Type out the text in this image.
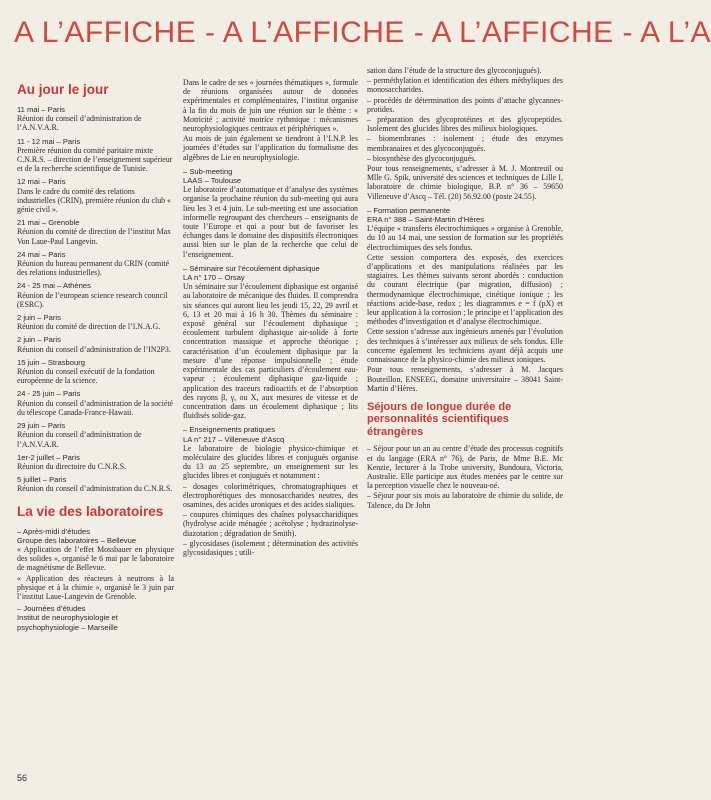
A L’AFFICHE - A L’AFFICHE - A L’AFFICHE - A L’A
Au jour le jour
11 mai – Paris
Réunion du conseil d’administration de l’A.N.V.A.R.
11 - 12 mai – Paris
Première réunion du comité paritaire mixte C.N.R.S. – direction de l’enseignement supérieur et de la recherche scientifique de Tunisie.
12 mai – Paris
Dans le cadre du comité des relations industrielles (CRIN), première réunion du club « génie civil ».
21 mai – Grenoble
Réunion du comité de direction de l’institut Max Von Laue-Paul Langevin.
24 mai – Paris
Réunion du bureau permanent du CRIN (comité des relations industrielles).
24 - 25 mai – Athènes
Réunion de l’european science research council (ESRC).
2 juin – Paris
Réunion du comité de direction de l’I.N.A.G.
2 juin – Paris
Réunion du conseil d’administration de l’IN2P3.
15 juin – Strasbourg
Réunion du conseil exécutif de la fondation européenne de la science.
24 - 25 juin – Paris
Réunion du conseil d’administration de la société du télescope Canada-France-Hawaii.
29 juin – Paris
Réunion du conseil d’administration de l’A.N.V.A.R.
1er-2 juillet – Paris
Réunion du directoire du C.N.R.S.
5 juillet – Paris
Réunion du conseil d’administration du C.N.R.S.
La vie des laboratoires
– Après-midi d’études
Groupe des laboratoires – Bellevue

« Application de l’effet Mossbauer en physique des solides », organisé le 6 mai par le laboratoire de magnétisme de Bellevue.

« Application des réacteurs à neutrons à la physique et à la chimie », organisé le 3 juin par l’institut Laue-Langevin de Grenoble.

– Journées d’études
Institut de neurophysiologie et psychophysiologie – Marseille

Dans le cadre de ses « journées thématiques », formule de réunions organisées autour de données expérimentales et complémentaires, l’institut organise à la fin du mois de juin une réunion sur le thème : « Motricité ; activité motrice rythmique : mécanismes neurophysiologiques centraux et périphériques ».

Au mois de juin également se tiendront à l’I.N.P. les journées d’études sur l’application du formalisme des algèbres de Lie en neurophysiologie.

– Sub-meeting
LAAS – Toulouse

Le laboratoire d’automatique et d’analyse des systèmes organise la prochaine réunion du sub-meeting qui aura lieu les 3 et 4 juin. Le sub-meeting est une association informelle regroupant des chercheurs – enseignants de toute l’Europe et qui a pour but de favoriser les échanges dans le domaine des dispositifs électroniques aussi bien sur le plan de la recherche que celui de l’enseignement.

– Séminaire sur l’écoulement diphasique
LA n° 170 – Orsay

Un séminaire sur l’écoulement diphasique est organisé au laboratoire de mécanique des fluides. Il comprendra six séances qui auront lieu les jeudi 15, 22, 29 avril et 6, 13 et 20 mai à 16 h 30. Thèmes du séminaire : exposé général sur l’écoulement diphasique ; écoulement turbulent diphasique air-solide à forte concentration massique et approche théorique ; caractérisation d’un écoulement diphasique par la mesure d’une réponse impulsionnelle ; étude expérimentale des cas particuliers d’écoulement eau-vapeur ; écoulement diphasique gaz-liquide ; application des traceurs radioactifs et de l’absorption des rayons β, γ, ou X, aux mesures de vitesse et de concentration dans un écoulement diphasique ; lits fluidisés solide-gaz.

– Enseignements pratiques
LA n° 217 – Villeneuve d’Ascq

Le laboratoire de biologie physico-chimique et moléculaire des glucides libres et conjugués organise du 13 au 25 septembre, un enseignement sur les glucides libres et conjugués et notamment :

– dosages colorimétriques, chromatographiques et électrophorétiques des monosaccharides neutres, des osamines, des acides uroniques et des acides sialiques.

– coupures chimiques des chaînes polysaccharidiques (hydrolyse acide ménagée ; acétolyse ; hydrazinolyse-diazotation ; dégradation de Smith).

– glycosidases (isolement ; détermination des activités glycosidasiques ; utili-

sation dans l’étude de la structure des glycoconjugués).

– perméthylation et identification des éthers méthyliques des monosaccharides.

– procédés de détermination des points d’attache glycannes-protides.

– préparation des glycoprotéines et des glycopeptides. Isolement des glucides libres des milieux biologiques.

– biomembranes : isolement ; étude des enzymes membranaires et des glycoconjugués.

– biosynthèse des glycoconjugués.

Pour tous renseignements, s’adresser à M. J. Montreuil ou Mlle G. Spik, université des sciences et techniques de Lille I, laboratoire de chimie biologique, B.P. n° 36 – 59650 Villeneuve d’Ascq – Tél. (20) 56.92.00 (poste 24.55).

– Formation permanente
ERA n° 388 – Saint-Martin d’Hères

L’équipe « transferts électrochimiques » organise à Grenoble, du 10 au 14 mai, une session de formation sur les propriétés électrochimiques des sels fondus.

Cette session comportera des exposés, des exercices d’applications et des manipulations réalisées par les stagiaires. Les thèmes suivants seront abordés : conduction du courant électrique (par migration, diffusion) ; thermodynamique électrochimique, cinétique ionique ; les réactions acide-base, redox ; les diagrammes e = f (pX) et leur application à la corrosion ; le principe et l’application des méthodes d’investigation et d’analyse électrochimique.

Cette session s’adresse aux ingénieurs amenés par l’évolution des techniques à s’intéresser aux milieux de sels fondus. Elle concerne également les techniciens ayant déjà acquis une connaissance de la physico-chimie des milieux ioniques.

Pour tous renseignements, s’adresser à M. Jacques Bouteillon, ENSEEG, domaine universitaire – 38041 Saint-Martin d’Hères.

Séjours de longue durée de personnalités scientifiques étrangères

– Séjour pour un an au centre d’étude des processus cognitifs et du langage (ERA n° 76), de Paris, de Mme B.E. Mc Kenzie, lecturer à la Trobe university, Bundoura, Victoria, Australie. Elle participe aux études menées par le centre sur la perception visuelle chez le nouveau-né.

– Séjour pour six mois au laboratoire de chimie du solide, de Talence, du Dr John

56
